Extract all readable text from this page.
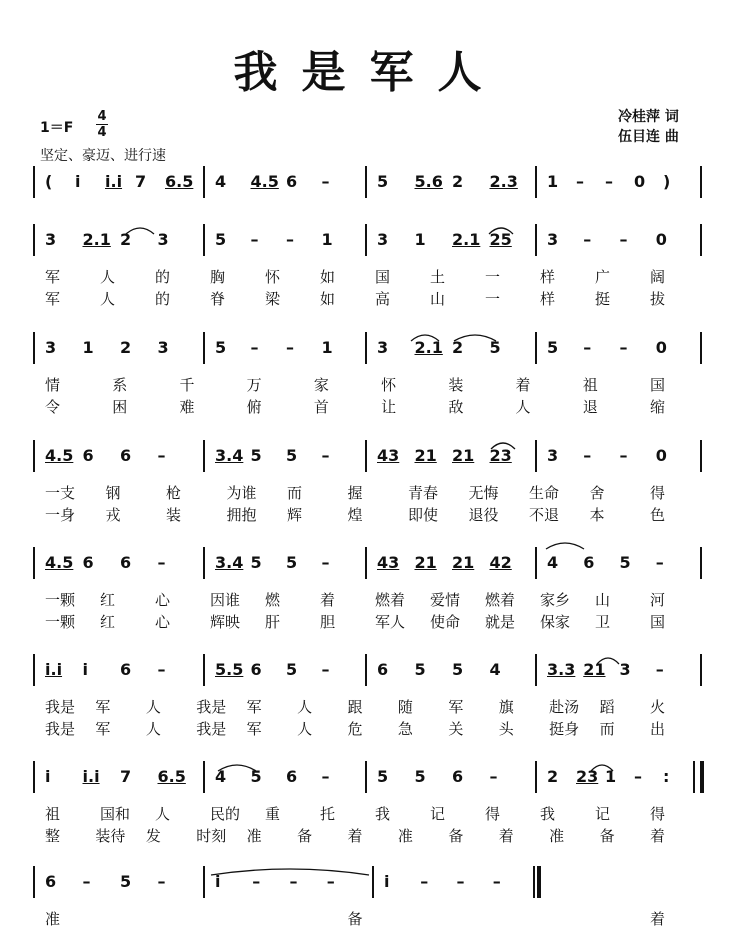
我是军人
1＝F
4
4
坚定、豪迈、进行速
冷桂萍 词
伍目连 曲
( i i.i 7 6.5 4 4.5 6 –	5 5.6 2 2.3 1 – – 0 )
3 2.1 2 3	5 – – 1	3 1 2.1 25 3 – – 0
军	人	的	胸	怀	如	国	土	一	样	广	阔
军	人	的	脊	梁	如	高	山	一	样	挺	拔
3 1 2 3	5 – – 1	3 2.1 2 5	5 – – 0
情	系	千	万	家	怀	装	着	祖	国
令	困	难	俯	首	让	敌	人	退	缩
4.5 6 6 –	3.4 5 5 –	43 21 21 23 3 – – 0
一支 钢	枪	为谁 而	握	青春 无悔 生命 舍	得
一身 戎	装	拥抱 辉	煌	即使 退役 不退 本	色
4.5 6 6 –	3.4 5 5 –	43 21 21 42 4 6 5 –
一颗 红	心	因谁 燃	着	燃着 爱情 燃着 家乡 山	河
一颗 红	心	辉映 肝	胆	军人 使命 就是 保家 卫	国
i.i i 6 –	5.5 6 5 –	6 5 5 4	3.3 21 3 –
我是 军 人 我是 军 人 跟 随 军 旗 赴汤 蹈 火
我是 军 人 我是 军 人 危 急 关 头 挺身 而 出
i i.i 7 6.5 4 5 6 –	5 5 6 –	2 23 1 – :
祖	国和 人	民的 重	托	我	记	得	我	记	得
整 装待 发 时刻 准 备 着 准 备 着 准 备 着
6 – 5 –	i – – –	i – – –
准	备	着
